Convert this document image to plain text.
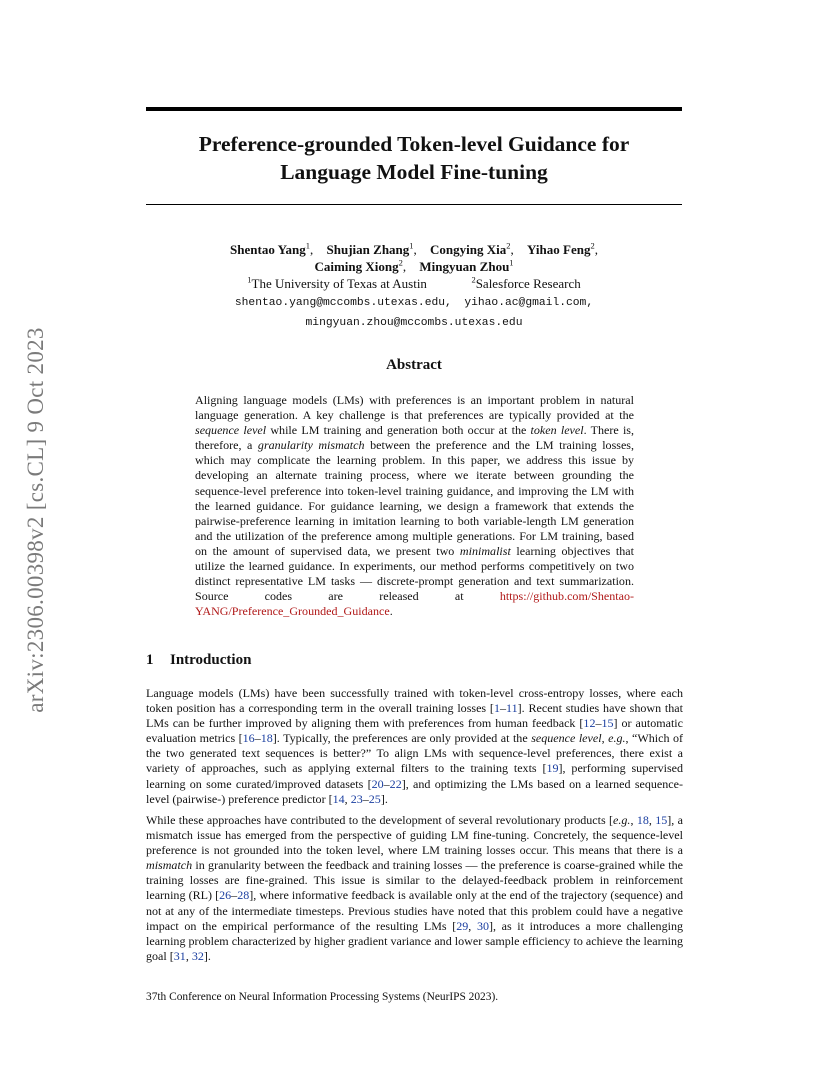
arXiv:2306.00398v2 [cs.CL] 9 Oct 2023
Preference-grounded Token-level Guidance for
Language Model Fine-tuning
Shentao Yang$^1$, Shujian Zhang$^1$, Congying Xia$^2$, Yihao Feng$^2$,
Caiming Xiong$^2$, Mingyuan Zhou$^1$
$^1$The University of Texas at Austin	$^2$Salesforce Research
shentao.yang@mccombs.utexas.edu, yihao.ac@gmail.com,
mingyuan.zhou@mccombs.utexas.edu
Abstract
Aligning language models (LMs) with preferences is an important problem in natural language generation. A key challenge is that preferences are typically provided at the sequence level while LM training and generation both occur at the token level. There is, therefore, a granularity mismatch between the preference and the LM training losses, which may complicate the learning problem. In this paper, we address this issue by developing an alternate training process, where we iterate between grounding the sequence-level preference into token-level training guidance, and improving the LM with the learned guidance. For guidance learning, we design a framework that extends the pairwise-preference learning in imitation learning to both variable-length LM generation and the utilization of the preference among multiple generations. For LM training, based on the amount of supervised data, we present two minimalist learning objectives that utilize the learned guidance. In experiments, our method performs competitively on two distinct representative LM tasks — discrete-prompt generation and text summarization. Source codes are released at https://github.com/Shentao-YANG/Preference_Grounded_Guidance.
1 Introduction
Language models (LMs) have been successfully trained with token-level cross-entropy losses, where each token position has a corresponding term in the overall training losses [1–11]. Recent studies have shown that LMs can be further improved by aligning them with preferences from human feedback [12–15] or automatic evaluation metrics [16–18]. Typically, the preferences are only provided at the sequence level, e.g., “Which of the two generated text sequences is better?” To align LMs with sequence-level preferences, there exist a variety of approaches, such as applying external filters to the training texts [19], performing supervised learning on some curated/improved datasets [20–22], and optimizing the LMs based on a learned sequence-level (pairwise-) preference predictor [14, 23–25].
While these approaches have contributed to the development of several revolutionary products [e.g., 18, 15], a mismatch issue has emerged from the perspective of guiding LM fine-tuning. Concretely, the sequence-level preference is not grounded into the token level, where LM training losses occur. This means that there is a mismatch in granularity between the feedback and training losses — the preference is coarse-grained while the training losses are fine-grained. This issue is similar to the delayed-feedback problem in reinforcement learning (RL) [26–28], where informative feedback is available only at the end of the trajectory (sequence) and not at any of the intermediate timesteps. Previous studies have noted that this problem could have a negative impact on the empirical performance of the resulting LMs [29, 30], as it introduces a more challenging learning problem characterized by higher gradient variance and lower sample efficiency to achieve the learning goal [31, 32].
37th Conference on Neural Information Processing Systems (NeurIPS 2023).
